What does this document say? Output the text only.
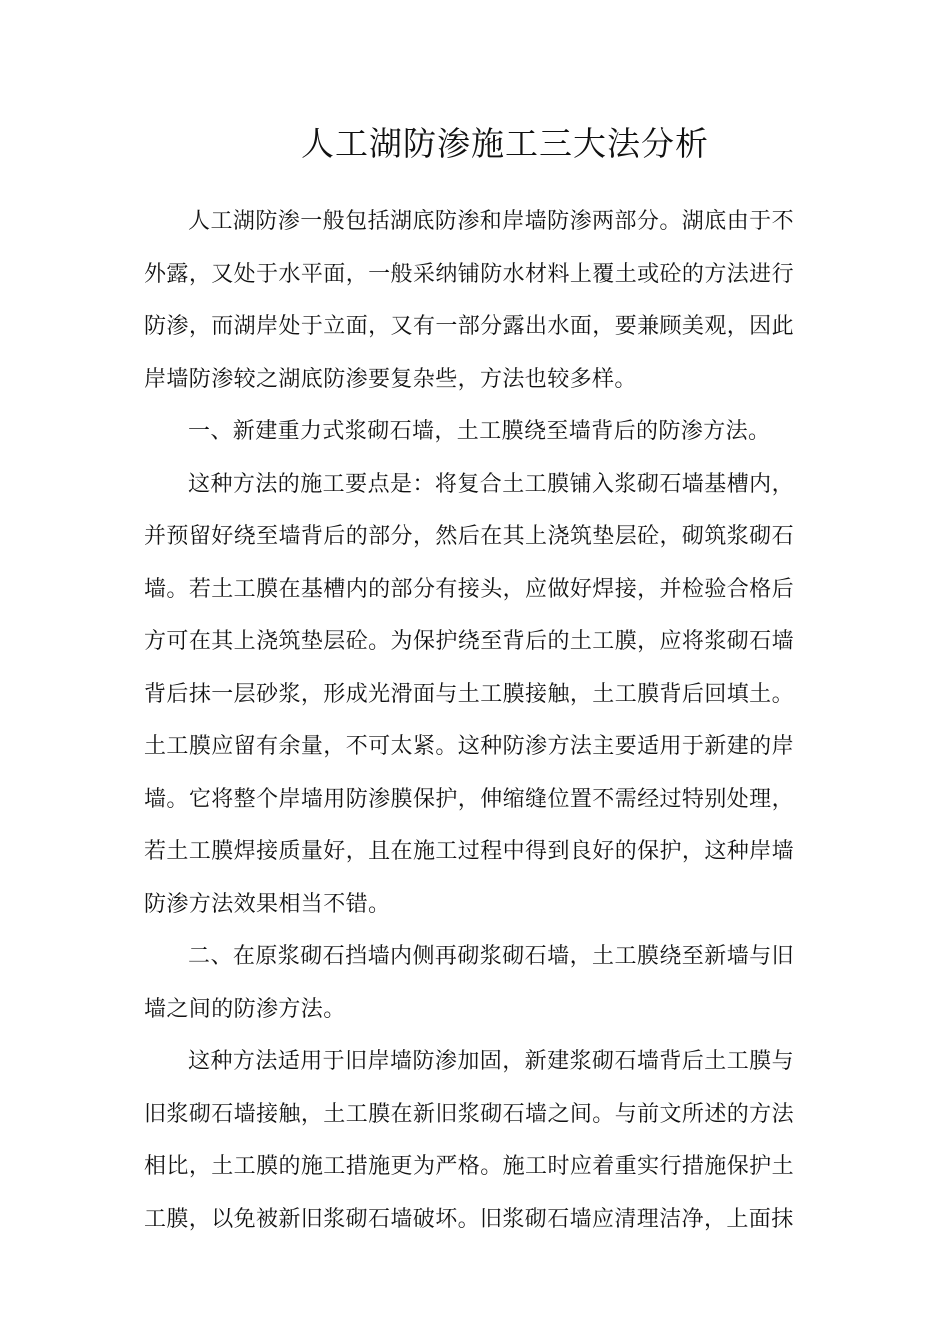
人工湖防渗施工三大法分析

人工湖防渗一般包括湖底防渗和岸墙防渗两部分。湖底由于不外露，又处于水平面，一般采纳铺防水材料上覆土或砼的方法进行防渗，而湖岸处于立面，又有一部分露出水面，要兼顾美观，因此岸墙防渗较之湖底防渗要复杂些，方法也较多样。

一、新建重力式浆砌石墙，土工膜绕至墙背后的防渗方法。

这种方法的施工要点是：将复合土工膜铺入浆砌石墙基槽内，并预留好绕至墙背后的部分，然后在其上浇筑垫层砼，砌筑浆砌石墙。若土工膜在基槽内的部分有接头，应做好焊接，并检验合格后方可在其上浇筑垫层砼。为保护绕至背后的土工膜，应将浆砌石墙背后抹一层砂浆，形成光滑面与土工膜接触，土工膜背后回填土。土工膜应留有余量，不可太紧。这种防渗方法主要适用于新建的岸墙。它将整个岸墙用防渗膜保护，伸缩缝位置不需经过特别处理，若土工膜焊接质量好，且在施工过程中得到良好的保护，这种岸墙防渗方法效果相当不错。

二、在原浆砌石挡墙内侧再砌浆砌石墙，土工膜绕至新墙与旧墙之间的防渗方法。

这种方法适用于旧岸墙防渗加固，新建浆砌石墙背后土工膜与旧浆砌石墙接触，土工膜在新旧浆砌石墙之间。与前文所述的方法相比，土工膜的施工措施更为严格。施工时应着重实行措施保护土工膜，以免被新旧浆砌石墙破坏。旧浆砌石墙应清理洁净，上面抹
